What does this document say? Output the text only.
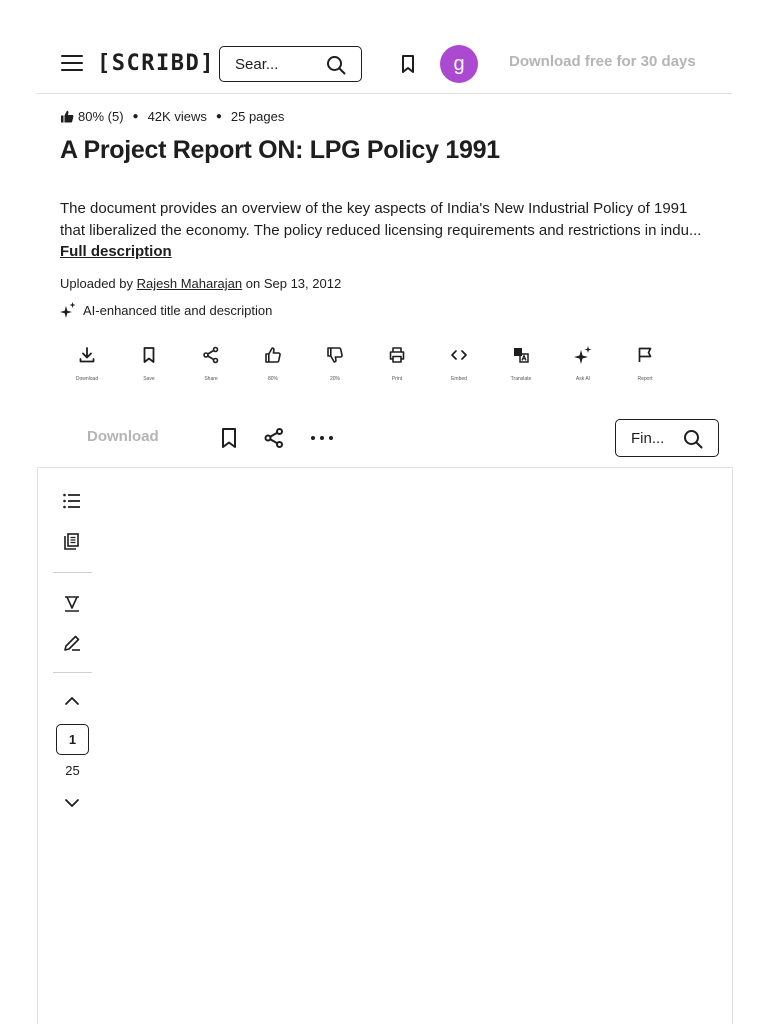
[SCRIBD] Sear...	g	Download free for 30 days
80% (5) ● 42K views ● 25 pages
A Project Report ON: LPG Policy 1991
The document provides an overview of the key aspects of India's New Industrial Policy of 1991 that liberalized the economy. The policy reduced licensing requirements and restrictions in indu... Full description
Uploaded by Rajesh Maharajan on Sep 13, 2012
AI-enhanced title and description
Download	Save	Share	80%	20%	Print	Embed	Translate	Ask AI	Report
Download	Fin...
1
25
